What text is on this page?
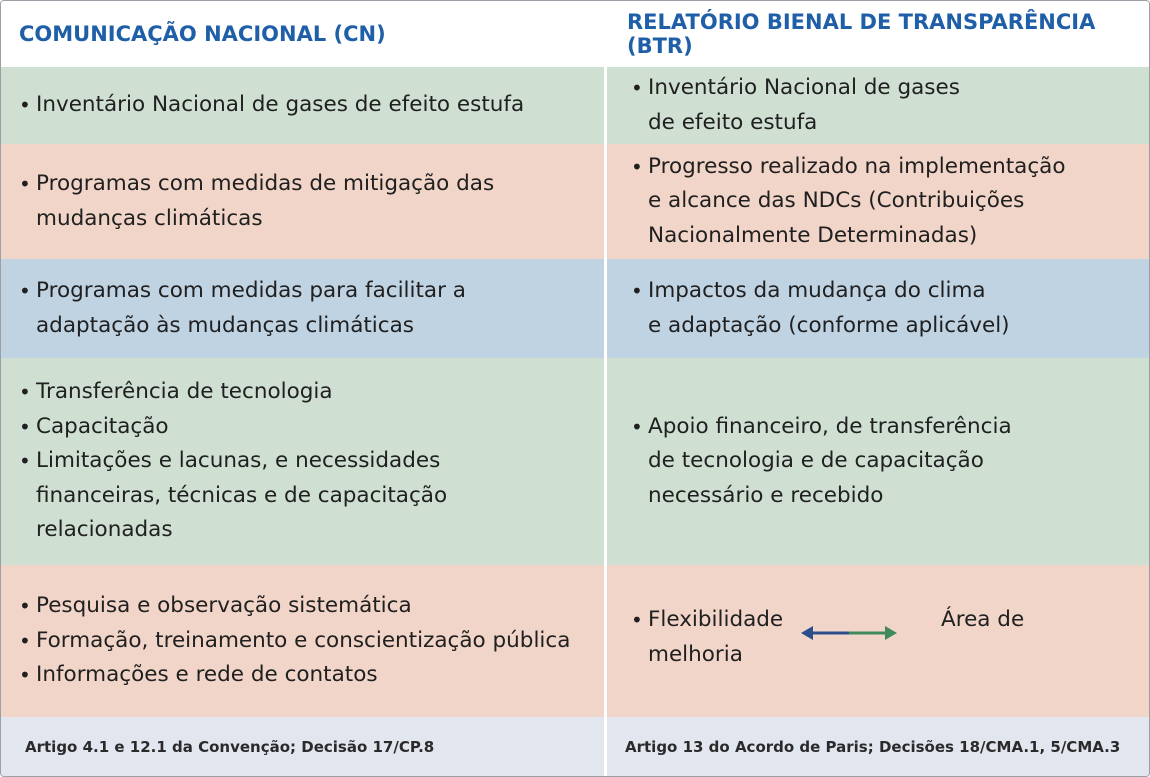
COMUNICAÇÃO NACIONAL (CN)	RELATÓRIO BIENAL DE TRANSPARÊNCIA (BTR)
• Inventário Nacional de gases de efeito estufa
• Inventário Nacional de gases
de efeito estufa
• Programas com medidas de mitigação das
mudanças climáticas
• Progresso realizado na implementação
e alcance das NDCs (Contribuições
Nacionalmente Determinadas)
• Programas com medidas para facilitar a
adaptação às mudanças climáticas
• Impactos da mudança do clima
e adaptação (conforme aplicável)
• Transferência de tecnologia
• Capacitação
• Limitações e lacunas, e necessidades
financeiras, técnicas e de capacitação
relacionadas
• Apoio financeiro, de transferência
de tecnologia e de capacitação
necessário e recebido
• Pesquisa e observação sistemática
• Formação, treinamento e conscientização pública
• Informações e rede de contatos
• Flexibilidade
melhoria
Área de
Artigo 4.1 e 12.1 da Convenção; Decisão 17/CP.8	Artigo 13 do Acordo de Paris; Decisões 18/CMA.1, 5/CMA.3
